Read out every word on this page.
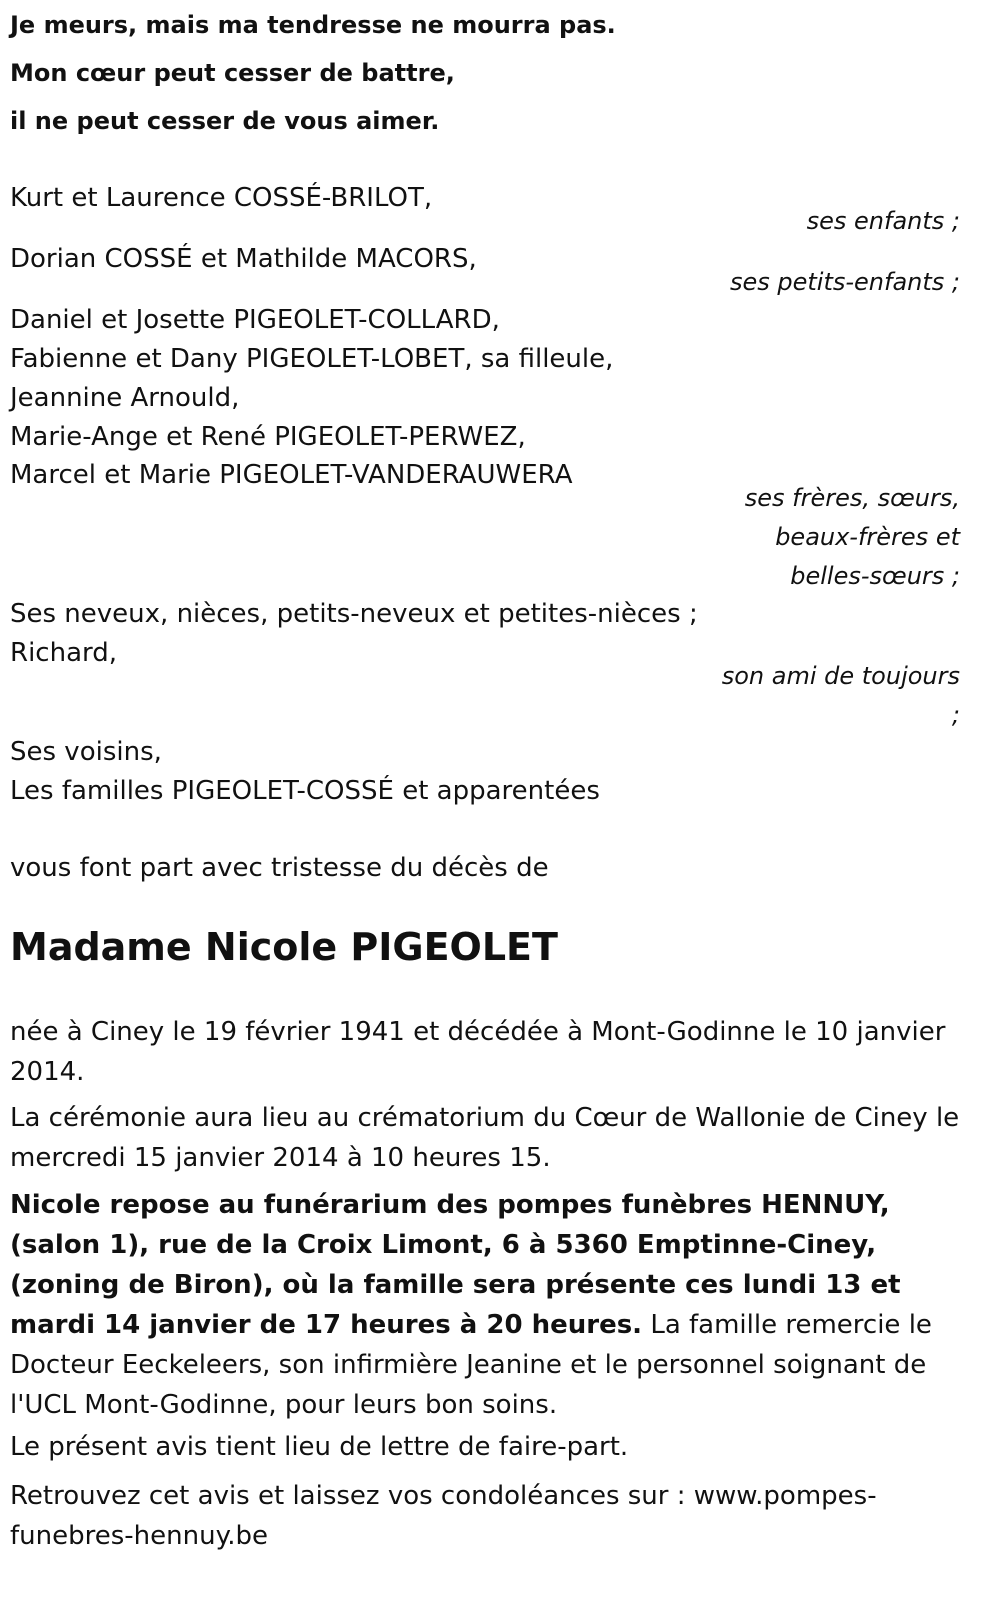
Je meurs, mais ma tendresse ne mourra pas.

Mon cœur peut cesser de battre,

il ne peut cesser de vous aimer.

Kurt et Laurence COSSÉ-BRILOT,

ses enfants ;

Dorian COSSÉ et Mathilde MACORS,

ses petits-enfants ;

Daniel et Josette PIGEOLET-COLLARD,

Fabienne et Dany PIGEOLET-LOBET, sa filleule,

Jeannine Arnould,

Marie-Ange et René PIGEOLET-PERWEZ,

Marcel et Marie PIGEOLET-VANDERAUWERA

ses frères, sœurs,

beaux-frères et

belles-sœurs ;

Ses neveux, nièces, petits-neveux et petites-nièces ;

Richard,

son ami de toujours

;

Ses voisins,

Les familles PIGEOLET-COSSÉ et apparentées

vous font part avec tristesse du décès de

Madame Nicole PIGEOLET

née à Ciney le 19 février 1941 et décédée à Mont-Godinne le 10 janvier 2014.

La cérémonie aura lieu au crématorium du Cœur de Wallonie de Ciney le mercredi 15 janvier 2014 à 10 heures 15.

Nicole repose au funérarium des pompes funèbres HENNUY, (salon 1), rue de la Croix Limont, 6 à 5360 Emptinne-Ciney, (zoning de Biron), où la famille sera présente ces lundi 13 et mardi 14 janvier de 17 heures à 20 heures. La famille remercie le Docteur Eeckeleers, son infirmière Jeanine et le personnel soignant de l'UCL Mont-Godinne, pour leurs bon soins.

Le présent avis tient lieu de lettre de faire-part.

Retrouvez cet avis et laissez vos condoléances sur : www.pompes-funebres-hennuy.be
